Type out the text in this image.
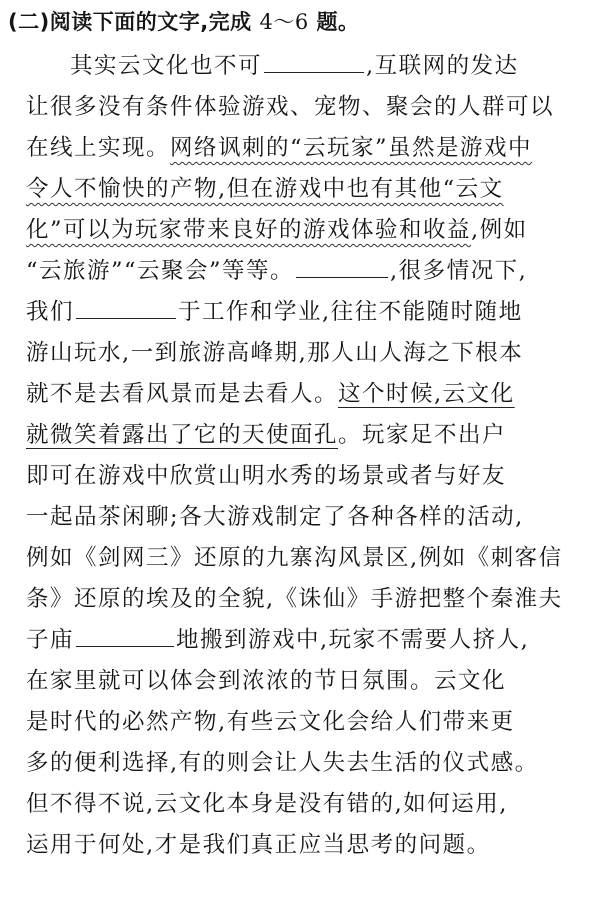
(二)阅读下面的文字,完成 4～6 题。
其实云文化也不可	,互联网的发达
让很多没有条件体验游戏、宠物、聚会的人群可以
在线上实现。网络讽刺的“云玩家”虽然是游戏中
令人不愉快的产物,但在游戏中也有其他“云文
化”可以为玩家带来良好的游戏体验和收益,例如
“云旅游”“云聚会”等等。	,很多情况下,
我们	于工作和学业,往往不能随时随地
游山玩水,一到旅游高峰期,那人山人海之下根本
就不是去看风景而是去看人。这个时候,云文化
就微笑着露出了它的天使面孔。玩家足不出户
即可在游戏中欣赏山明水秀的场景或者与好友
一起品茶闲聊;各大游戏制定了各种各样的活动,
例如《剑网三》还原的九寨沟风景区,例如《刺客信
条》还原的埃及的全貌,《诛仙》手游把整个秦淮夫
子庙	地搬到游戏中,玩家不需要人挤人,
在家里就可以体会到浓浓的节日氛围。云文化
是时代的必然产物,有些云文化会给人们带来更
多的便利选择,有的则会让人失去生活的仪式感。
但不得不说,云文化本身是没有错的,如何运用,
运用于何处,才是我们真正应当思考的问题。
